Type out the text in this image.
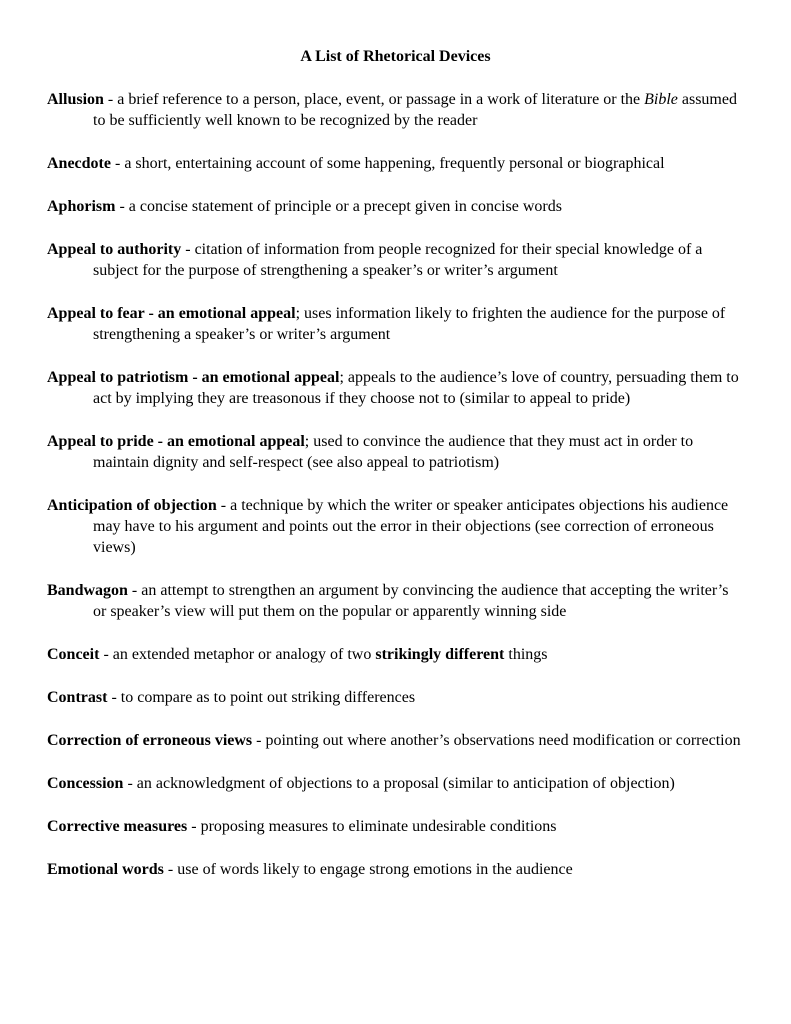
A List of Rhetorical Devices

Allusion - a brief reference to a person, place, event, or passage in a work of literature or the Bible assumed to be sufficiently well known to be recognized by the reader

Anecdote - a short, entertaining account of some happening, frequently personal or biographical

Aphorism - a concise statement of principle or a precept given in concise words

Appeal to authority - citation of information from people recognized for their special knowledge of a subject for the purpose of strengthening a speaker’s or writer’s argument

Appeal to fear - an emotional appeal; uses information likely to frighten the audience for the purpose of strengthening a speaker’s or writer’s argument

Appeal to patriotism - an emotional appeal; appeals to the audience’s love of country, persuading them to act by implying they are treasonous if they choose not to (similar to appeal to pride)

Appeal to pride - an emotional appeal; used to convince the audience that they must act in order to maintain dignity and self-respect (see also appeal to patriotism)

Anticipation of objection - a technique by which the writer or speaker anticipates objections his audience may have to his argument and points out the error in their objections (see correction of erroneous views)

Bandwagon - an attempt to strengthen an argument by convincing the audience that accepting the writer’s or speaker’s view will put them on the popular or apparently winning side

Conceit - an extended metaphor or analogy of two strikingly different things

Contrast - to compare as to point out striking differences

Correction of erroneous views - pointing out where another’s observations need modification or correction

Concession - an acknowledgment of objections to a proposal (similar to anticipation of objection)

Corrective measures - proposing measures to eliminate undesirable conditions

Emotional words - use of words likely to engage strong emotions in the audience
